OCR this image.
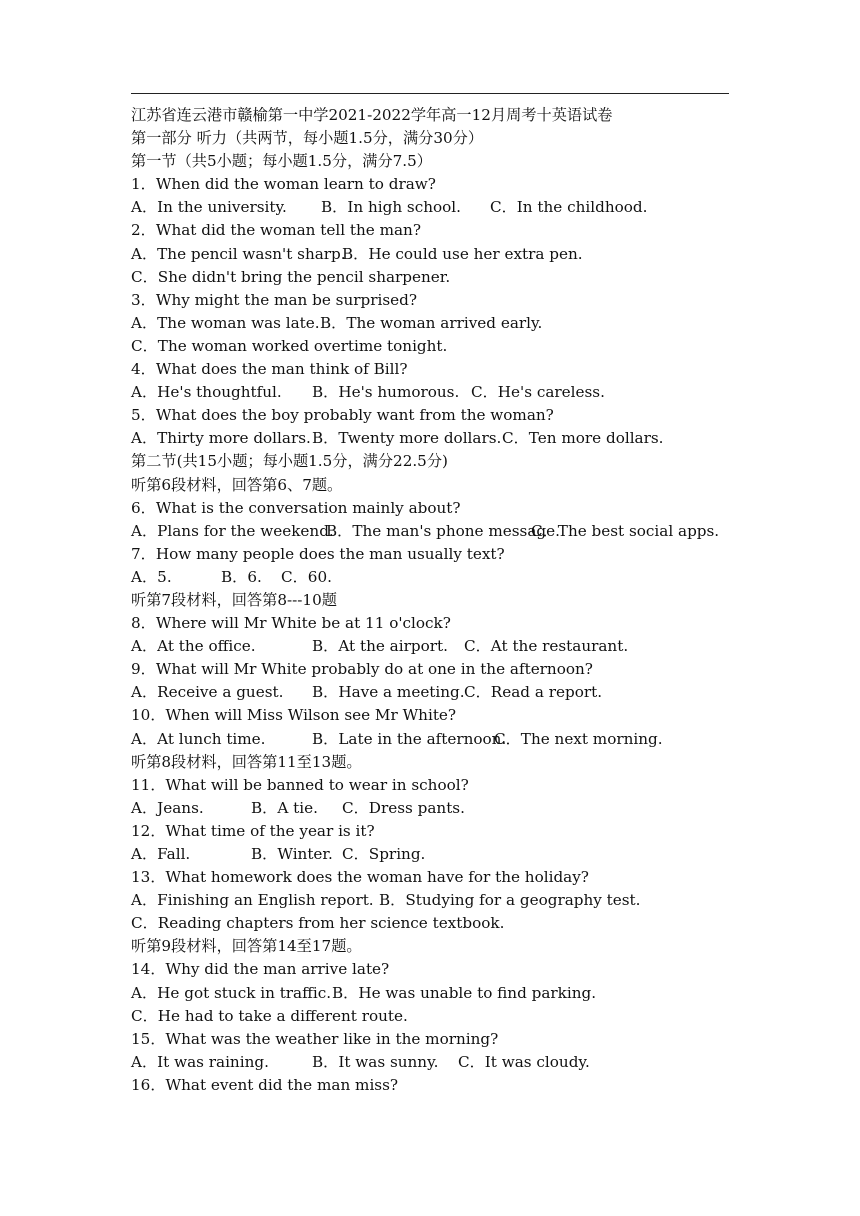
江苏省连云港市赣榆第一中学2021-2022学年高一12月周考十英语试卷
第一部分 听力（共两节，每小题1.5分，满分30分）
第一节（共5小题；每小题1.5分，满分7.5）
1．When did the woman learn to draw?
A．In the university. B．In high school. C．In the childhood.
2．What did the woman tell the man?
A．The pencil wasn't sharp.
B．He could use her extra pen.
C．She didn't bring the pencil sharpener.
3．Why might the man be surprised?
A．The woman was late. B．The woman arrived early.
C．The woman worked overtime tonight.
4．What does the man think of Bill?
A．He's thoughtful. B．He's humorous. C．He's careless.
5．What does the boy probably want from the woman?
A．Thirty more dollars. B．Twenty more dollars. C．Ten more dollars.
第二节(共15小题；每小题1.5分，满分22.5分)
听第6段材料，回答第6、7题。
6．What is the conversation mainly about?
A．Plans for the weekend.
B．The man's phone message.
C．The best social apps.
7．How many people does the man usually text?
A．5.	B．6. C．60.
听第7段材料，回答第8---10题
8．Where will Mr White be at 11 o'clock?
A．At the office.	B．At the airport. C．At the restaurant.
9．What will Mr White probably do at one in the afternoon?
A．Receive a guest. B．Have a meeting. C．Read a report.
10．When will Miss Wilson see Mr White?
A．At lunch time.	B．Late in the afternoon.
C．The next morning.
听第8段材料，回答第11至13题。
11．What will be banned to wear in school?
A．Jeans.	B．A tie. C．Dress pants.
12．What time of the year is it?
A．Fall.	B．Winter. C．Spring.
13．What homework does the woman have for the holiday?
A．Finishing an English report. B．Studying for a geography test.
C．Reading chapters from her science textbook.
听第9段材料，回答第14至17题。
14．Why did the man arrive late?
A．He got stuck in traffic. B．He was unable to find parking.
C．He had to take a different route.
15．What was the weather like in the morning?
A．It was raining.	B．It was sunny. C．It was cloudy.
16．What event did the man miss?
